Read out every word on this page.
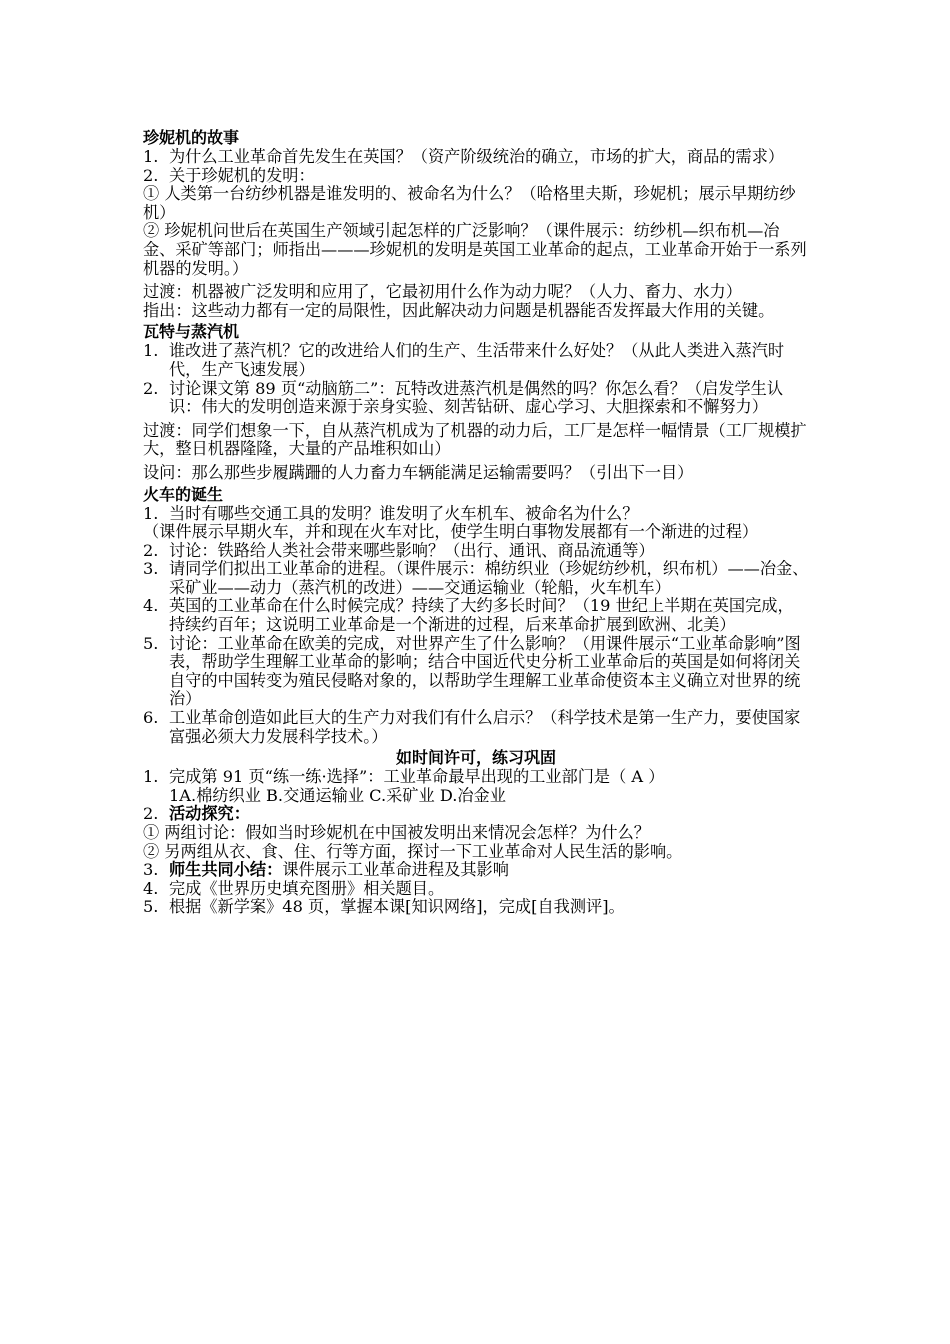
珍妮机的故事
1. 为什么工业革命首先发生在英国？（资产阶级统治的确立，市场的扩大，商品的需求）
2. 关于珍妮机的发明：
① 人类第一台纺纱机器是谁发明的、被命名为什么？（哈格里夫斯，珍妮机；展示早期纺纱机）
② 珍妮机问世后在英国生产领域引起怎样的广泛影响？（课件展示：纺纱机—织布机—冶金、采矿等部门；师指出———珍妮机的发明是英国工业革命的起点，工业革命开始于一系列机器的发明。）
过渡：机器被广泛发明和应用了，它最初用什么作为动力呢？（人力、畜力、水力）
指出：这些动力都有一定的局限性，因此解决动力问题是机器能否发挥最大作用的关键。
瓦特与蒸汽机
1. 谁改进了蒸汽机？它的改进给人们的生产、生活带来什么好处？（从此人类进入蒸汽时代，生产飞速发展）
2. 讨论课文第 89 页“动脑筋二”：瓦特改进蒸汽机是偶然的吗？你怎么看？（启发学生认识：伟大的发明创造来源于亲身实验、刻苦钻研、虚心学习、大胆探索和不懈努力）
过渡：同学们想象一下，自从蒸汽机成为了机器的动力后，工厂是怎样一幅情景（工厂规模扩大，整日机器隆隆，大量的产品堆积如山）
设问：那么那些步履蹒跚的人力畜力车辆能满足运输需要吗？（引出下一目）
火车的诞生
1. 当时有哪些交通工具的发明？谁发明了火车机车、被命名为什么？
（课件展示早期火车，并和现在火车对比，使学生明白事物发展都有一个渐进的过程）
2. 讨论：铁路给人类社会带来哪些影响？（出行、通讯、商品流通等）
3. 请同学们拟出工业革命的进程。（课件展示：棉纺织业（珍妮纺纱机，织布机）——冶金、采矿业——动力（蒸汽机的改进）——交通运输业（轮船，火车机车）
4. 英国的工业革命在什么时候完成？持续了大约多长时间？（19 世纪上半期在英国完成，持续约百年；这说明工业革命是一个渐进的过程，后来革命扩展到欧洲、北美）
5. 讨论：工业革命在欧美的完成，对世界产生了什么影响？（用课件展示“工业革命影响”图表，帮助学生理解工业革命的影响；结合中国近代史分析工业革命后的英国是如何将闭关自守的中国转变为殖民侵略对象的，以帮助学生理解工业革命使资本主义确立对世界的统治）
6. 工业革命创造如此巨大的生产力对我们有什么启示？（科学技术是第一生产力，要使国家富强必须大力发展科学技术。）
如时间许可，练习巩固
1. 完成第 91 页“练一练·选择”：工业革命最早出现的工业部门是（ A ）
1A.棉纺织业 B.交通运输业 C.采矿业 D.冶金业
2. 活动探究：
① 两组讨论：假如当时珍妮机在中国被发明出来情况会怎样？为什么？
② 另两组从衣、食、住、行等方面，探讨一下工业革命对人民生活的影响。
3. 师生共同小结：课件展示工业革命进程及其影响
4. 完成《世界历史填充图册》相关题目。
5. 根据《新学案》48 页，掌握本课[知识网络]，完成[自我测评]。
